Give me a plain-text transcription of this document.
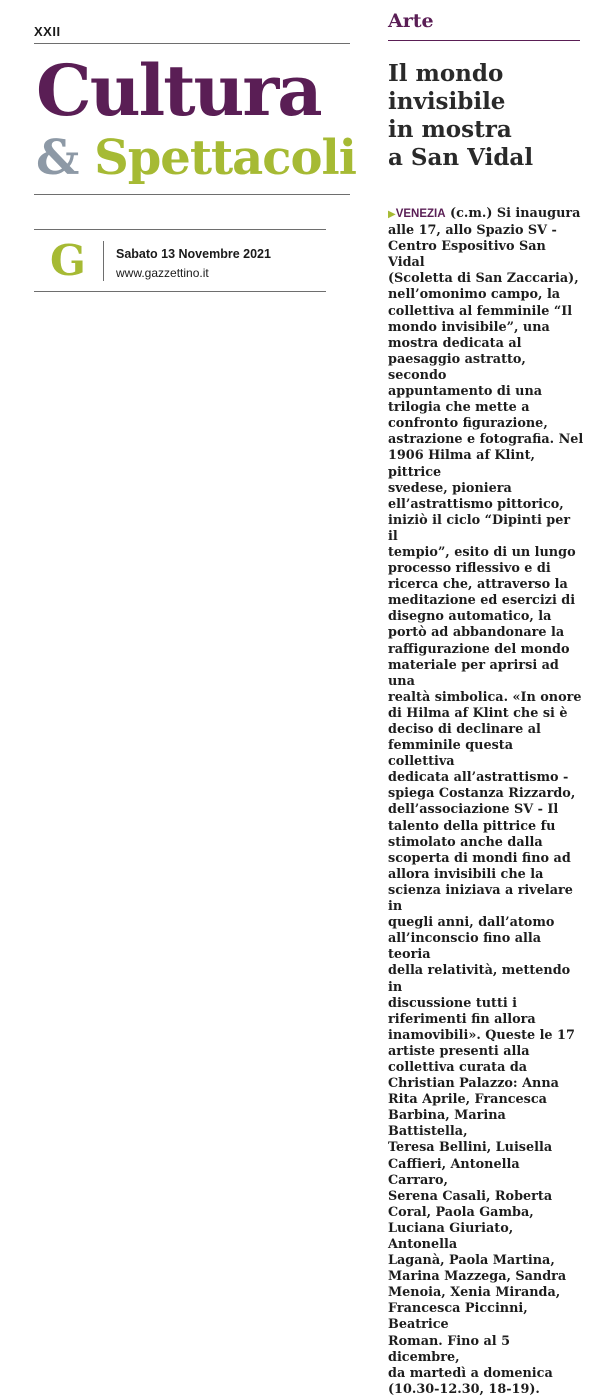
XXII
Cultura
& Spettacoli
G Sabato 13 Novembre 2021
www.gazzettino.it
Arte
Il mondo
invisibile
in mostra
a San Vidal
▶VENEZIA (c.m.) Si inaugura
alle 17, allo Spazio SV -
Centro Espositivo San Vidal
(Scoletta di San Zaccaria),
nell’omonimo campo, la
collettiva al femminile “Il
mondo invisibile”, una
mostra dedicata al
paesaggio astratto, secondo
appuntamento di una
trilogia che mette a
confronto figurazione,
astrazione e fotografia. Nel
1906 Hilma af Klint, pittrice
svedese, pioniera
ell’astrattismo pittorico,
iniziò il ciclo “Dipinti per il
tempio”, esito di un lungo
processo riflessivo e di
ricerca che, attraverso la
meditazione ed esercizi di
disegno automatico, la
portò ad abbandonare la
raffigurazione del mondo
materiale per aprirsi ad una
realtà simbolica. «In onore
di Hilma af Klint che si è
deciso di declinare al
femminile questa collettiva
dedicata all’astrattismo -
spiega Costanza Rizzardo,
dell’associazione SV - Il
talento della pittrice fu
stimolato anche dalla
scoperta di mondi fino ad
allora invisibili che la
scienza iniziava a rivelare in
quegli anni, dall’atomo
all’inconscio fino alla teoria
della relatività, mettendo in
discussione tutti i
riferimenti fin allora
inamovibili». Queste le 17
artiste presenti alla
collettiva curata da
Christian Palazzo: Anna
Rita Aprile, Francesca
Barbina, Marina Battistella,
Teresa Bellini, Luisella
Caffieri, Antonella Carraro,
Serena Casali, Roberta
Coral, Paola Gamba,
Luciana Giuriato, Antonella
Laganà, Paola Martina,
Marina Mazzega, Sandra
Menoia, Xenia Miranda,
Francesca Piccinni, Beatrice
Roman. Fino al 5 dicembre,
da martedì a domenica
(10.30-12.30, 18-19).
